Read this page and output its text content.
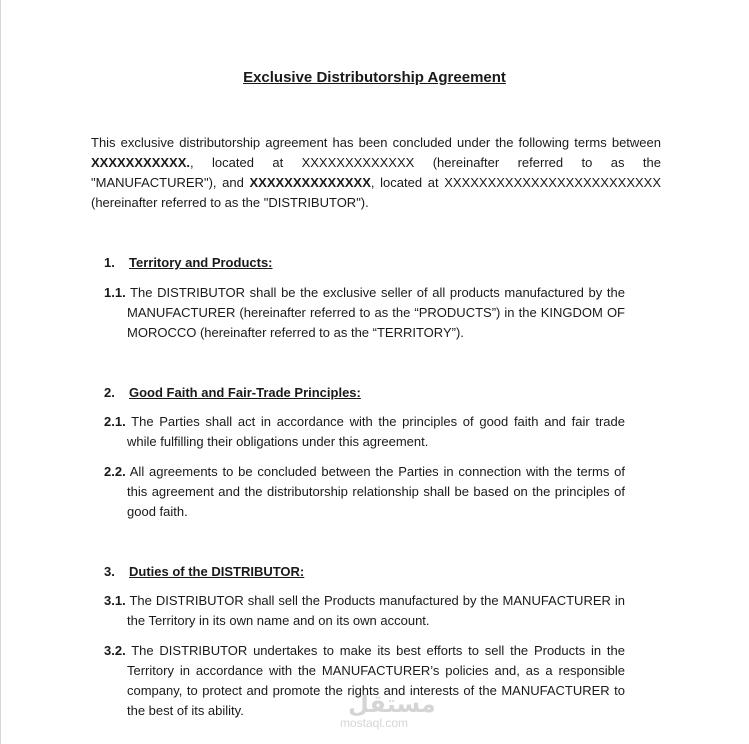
Exclusive Distributorship Agreement
This exclusive distributorship agreement has been concluded under the following terms between XXXXXXXXXXX., located at XXXXXXXXXXXXX (hereinafter referred to as the "MANUFACTURER"), and XXXXXXXXXXXXXX, located at XXXXXXXXXXXXXXXXXXXXXXXXX (hereinafter referred to as the "DISTRIBUTOR").
1. Territory and Products:
1.1. The DISTRIBUTOR shall be the exclusive seller of all products manufactured by the MANUFACTURER (hereinafter referred to as the “PRODUCTS”) in the KINGDOM OF MOROCCO (hereinafter referred to as the “TERRITORY”).
2. Good Faith and Fair-Trade Principles:
2.1. The Parties shall act in accordance with the principles of good faith and fair trade while fulfilling their obligations under this agreement.
2.2. All agreements to be concluded between the Parties in connection with the terms of this agreement and the distributorship relationship shall be based on the principles of good faith.
3. Duties of the DISTRIBUTOR:
3.1. The DISTRIBUTOR shall sell the Products manufactured by the MANUFACTURER in the Territory in its own name and on its own account.
3.2. The DISTRIBUTOR undertakes to make its best efforts to sell the Products in the Territory in accordance with the MANUFACTURER’s policies and, as a responsible company, to protect and promote the rights and interests of the MANUFACTURER to the best of its ability.	مستقل
mostaql.com
